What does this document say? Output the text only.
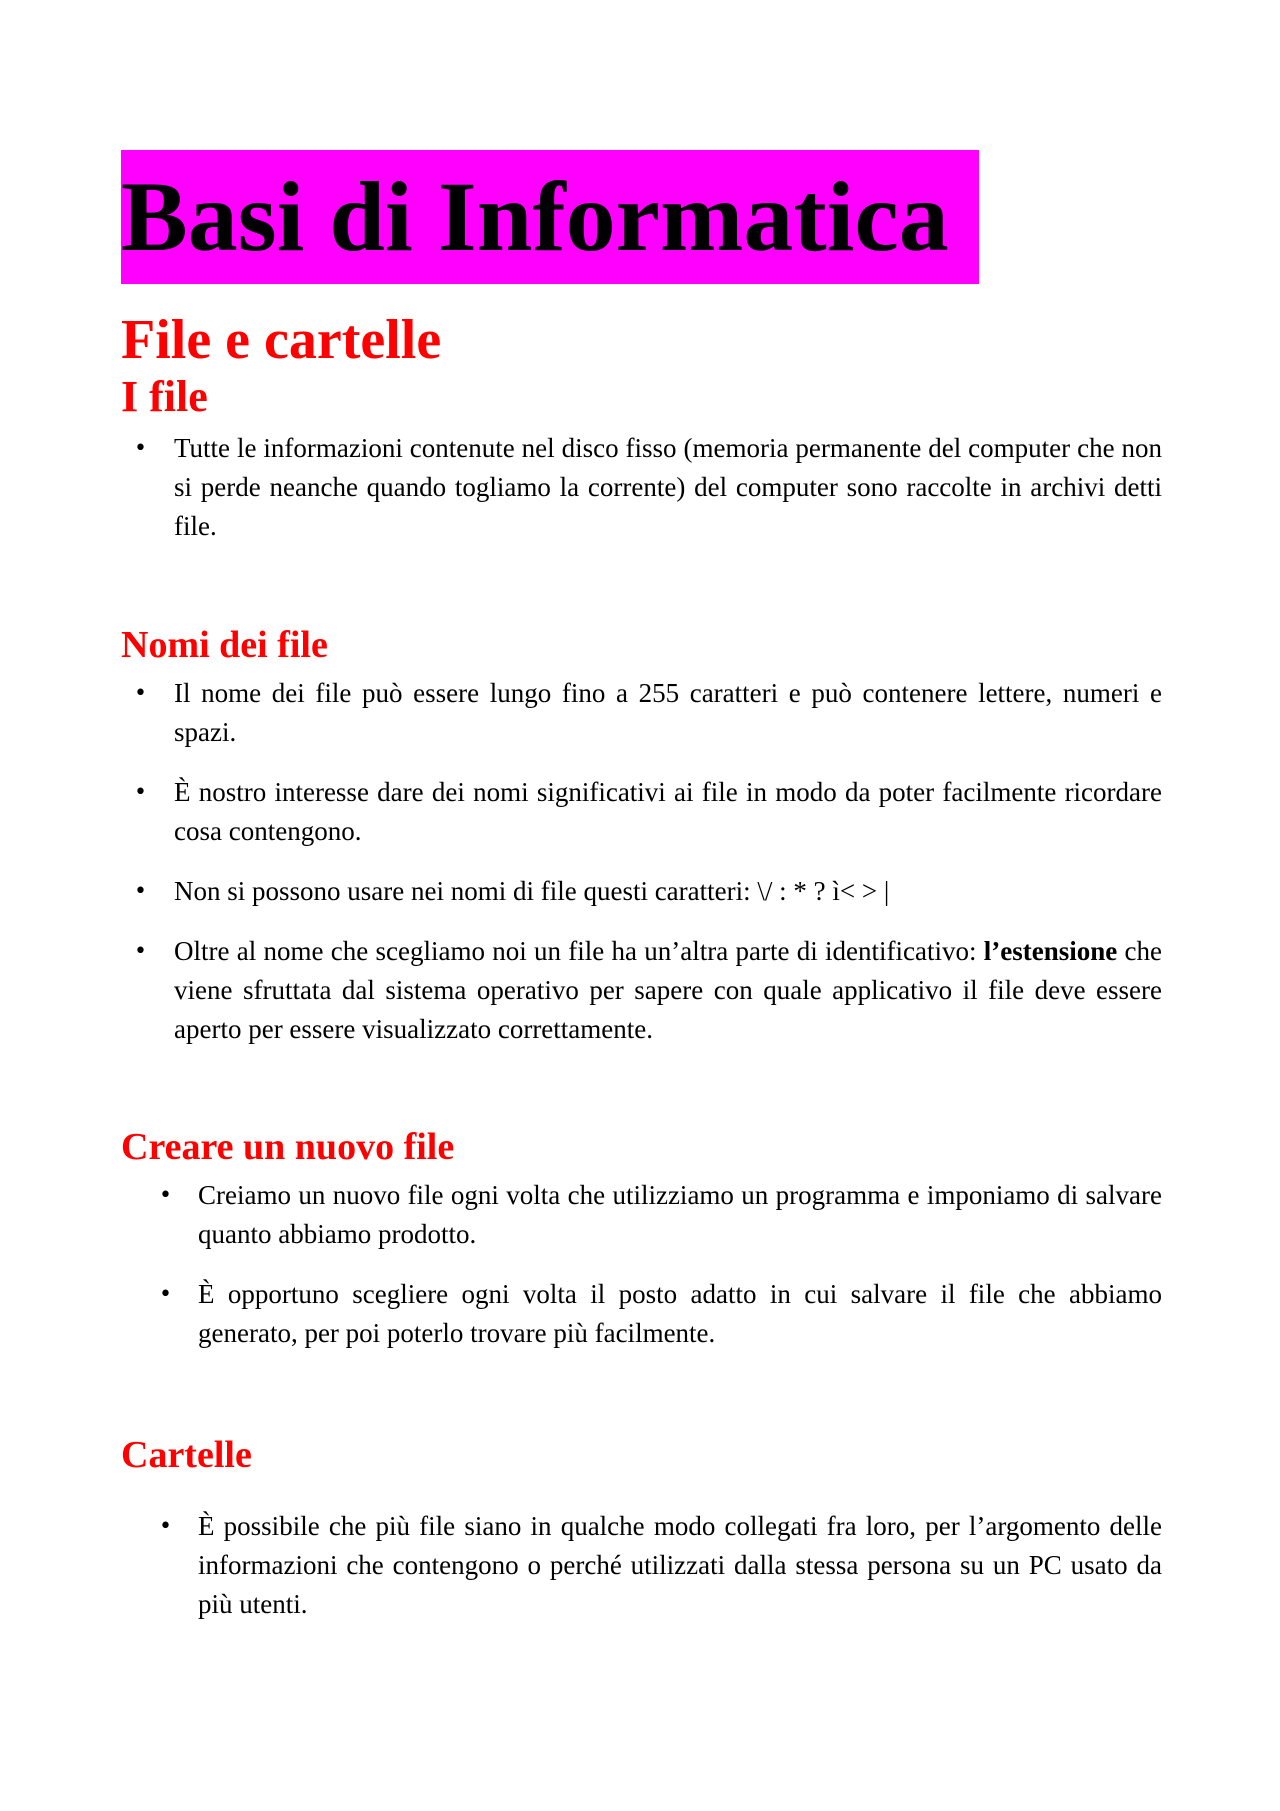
Basi di Informatica
File e cartelle
I file
• Tutte le informazioni contenute nel disco fisso (memoria permanente del computer che non si perde neanche quando togliamo la corrente) del computer sono raccolte in archivi detti file.
Nomi dei file
• Il nome dei file può essere lungo fino a 255 caratteri e può contenere lettere, numeri e spazi.
• È nostro interesse dare dei nomi significativi ai file in modo da poter facilmente ricordare cosa contengono.
• Non si possono usare nei nomi di file questi caratteri: \/ : * ? ì< > |
• Oltre al nome che scegliamo noi un file ha un’altra parte di identificativo: l’estensione che viene sfruttata dal sistema operativo per sapere con quale applicativo il file deve essere aperto per essere visualizzato correttamente.
Creare un nuovo file
• Creiamo un nuovo file ogni volta che utilizziamo un programma e imponiamo di salvare quanto abbiamo prodotto.
• È opportuno scegliere ogni volta il posto adatto in cui salvare il file che abbiamo generato, per poi poterlo trovare più facilmente.
Cartelle
• È possibile che più file siano in qualche modo collegati fra loro, per l’argomento delle informazioni che contengono o perché utilizzati dalla stessa persona su un PC usato da più utenti.
